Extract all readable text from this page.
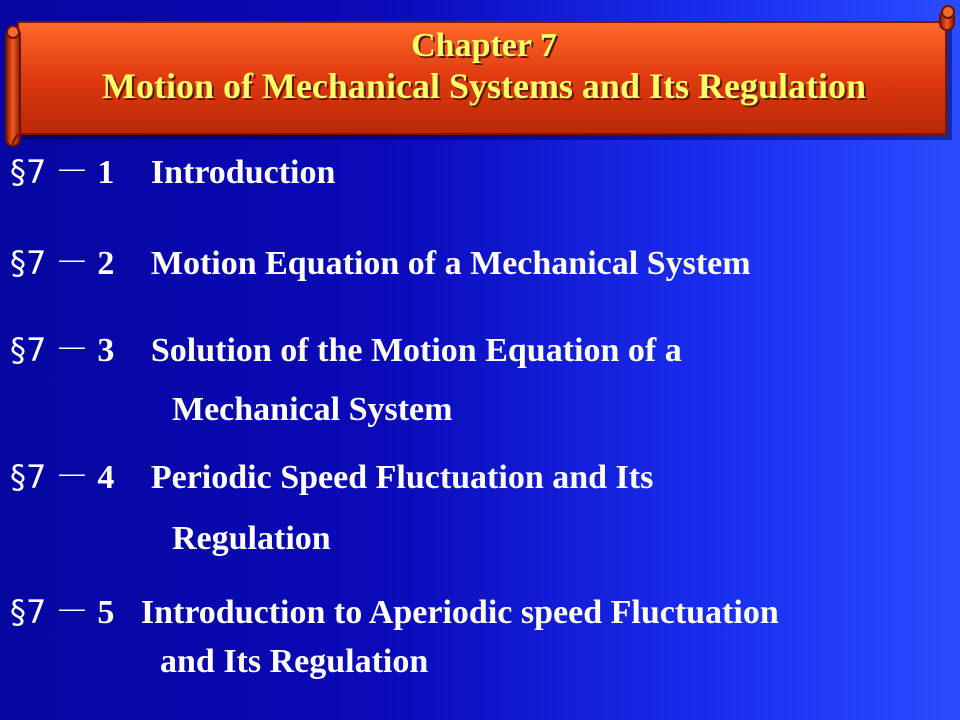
Chapter 7
Motion of Mechanical Systems and Its Regulation
§7 － 1 Introduction
§7 － 2 Motion Equation of a Mechanical System
§7 － 3 Solution of the Motion Equation of a
Mechanical System
§7 － 4 Periodic Speed Fluctuation and Its
Regulation
§7 － 5 Introduction to Aperiodic speed Fluctuation
and Its Regulation
